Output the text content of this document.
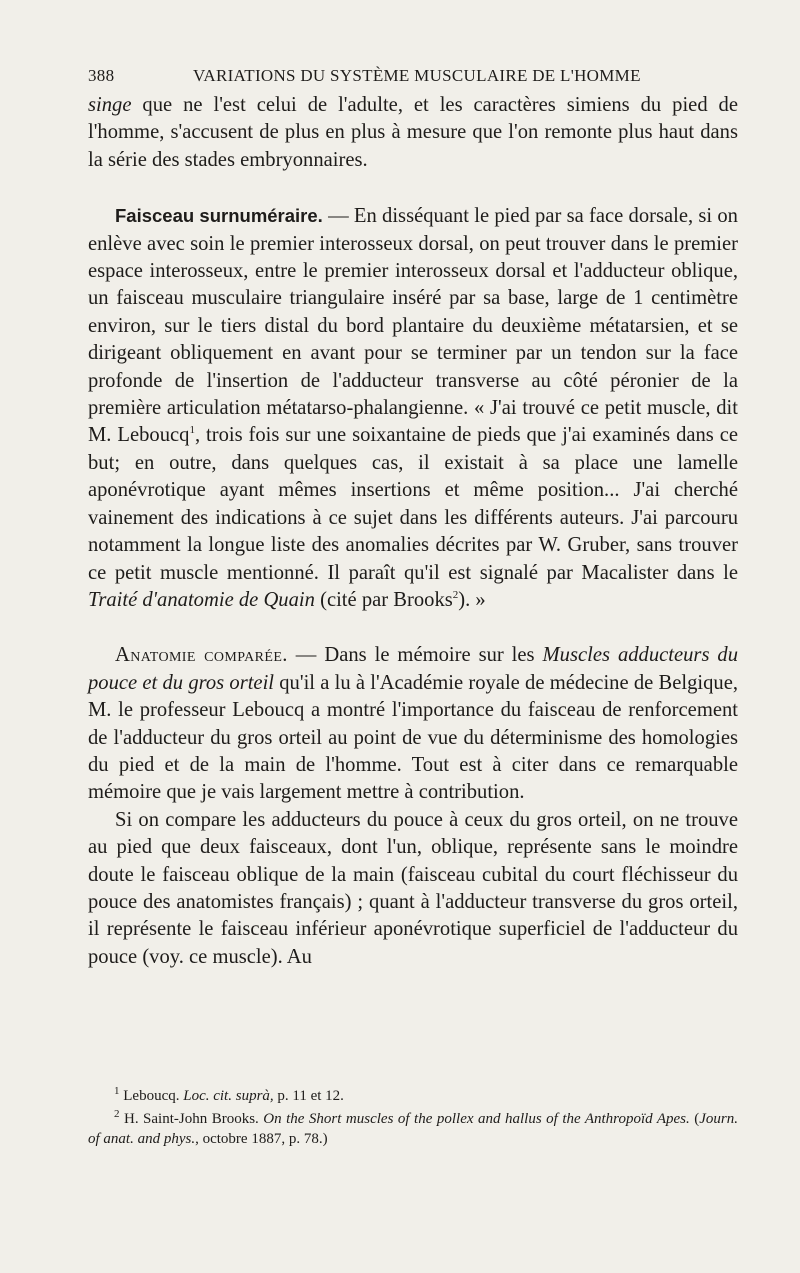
388	VARIATIONS DU SYSTÈME MUSCULAIRE DE L'HOMME

singe que ne l'est celui de l'adulte, et les caractères simiens du pied de l'homme, s'accusent de plus en plus à mesure que l'on remonte plus haut dans la série des stades embryonnaires.

Faisceau surnuméraire. — En disséquant le pied par sa face dorsale, si on enlève avec soin le premier interosseux dorsal, on peut trouver dans le premier espace interosseux, entre le premier interosseux dorsal et l'adducteur oblique, un faisceau musculaire triangulaire inséré par sa base, large de 1 centimètre environ, sur le tiers distal du bord plantaire du deuxième métatarsien, et se dirigeant obliquement en avant pour se terminer par un tendon sur la face profonde de l'insertion de l'adducteur transverse au côté péronier de la première articulation métatarso-phalangienne. « J'ai trouvé ce petit muscle, dit M. Leboucq$^1$, trois fois sur une soixantaine de pieds que j'ai examinés dans ce but; en outre, dans quelques cas, il existait à sa place une lamelle aponévrotique ayant mêmes insertions et même position... J'ai cherché vainement des indications à ce sujet dans les différents auteurs. J'ai parcouru notamment la longue liste des anomalies décrites par W. Gruber, sans trouver ce petit muscle mentionné. Il paraît qu'il est signalé par Macalister dans le Traité d'anatomie de Quain (cité par Brooks$^2$). »

Anatomie comparée. — Dans le mémoire sur les Muscles adducteurs du pouce et du gros orteil qu'il a lu à l'Académie royale de médecine de Belgique, M. le professeur Leboucq a montré l'importance du faisceau de renforcement de l'adducteur du gros orteil au point de vue du déterminisme des homologies du pied et de la main de l'homme. Tout est à citer dans ce remarquable mémoire que je vais largement mettre à contribution.

Si on compare les adducteurs du pouce à ceux du gros orteil, on ne trouve au pied que deux faisceaux, dont l'un, oblique, représente sans le moindre doute le faisceau oblique de la main (faisceau cubital du court fléchisseur du pouce des anatomistes français) ; quant à l'adducteur transverse du gros orteil, il représente le faisceau inférieur aponévrotique superficiel de l'adducteur du pouce (voy. ce muscle). Au

$^1$ Leboucq. Loc. cit. suprà, p. 11 et 12.

$^2$ H. Saint-John Brooks. On the Short muscles of the pollex and hallus of the Anthropoïd Apes. (Journ. of anat. and phys., octobre 1887, p. 78.)
